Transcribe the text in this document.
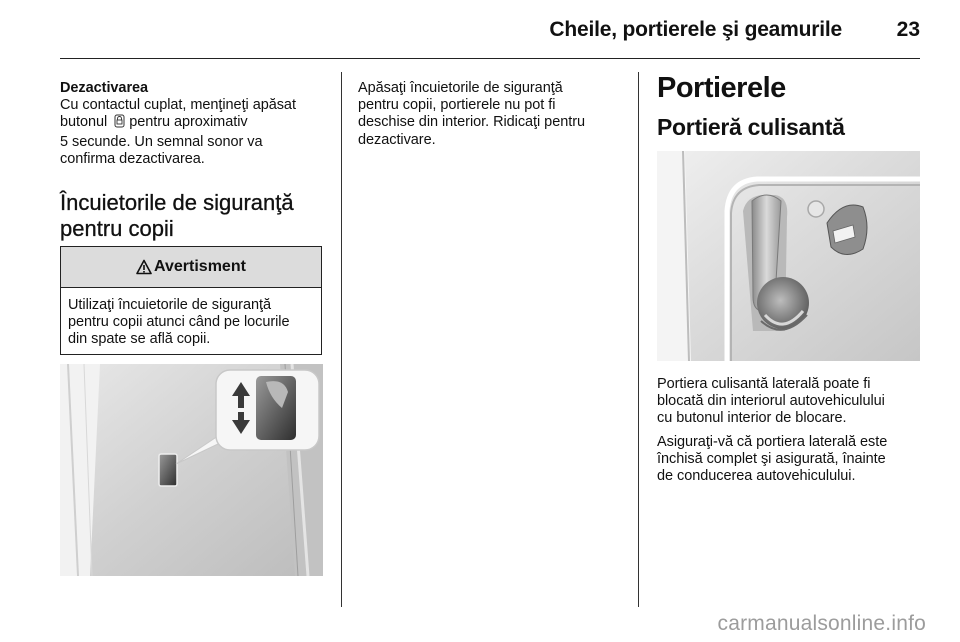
Cheile, portierele şi geamurile	23
Dezactivarea
Cu contactul cuplat, menţineţi apăsat
butonul  pentru aproximativ
5 secunde. Un semnal sonor va
confirma dezactivarea.
Încuietorile de siguranţă
pentru copii
Avertisment
Utilizaţi încuietorile de siguranţă
pentru copii atunci când pe locurile
din spate se află copii.
Apăsaţi încuietorile de siguranţă
pentru copii, portierele nu pot fi
deschise din interior. Ridicaţi pentru
dezactivare.
Portierele
Portieră culisantă
Portiera culisantă laterală poate fi
blocată din interiorul autovehiculului
cu butonul interior de blocare.
Asiguraţi-vă că portiera laterală este
închisă complet şi asigurată, înainte
de conducerea autovehiculului.
carmanualsonline.info
